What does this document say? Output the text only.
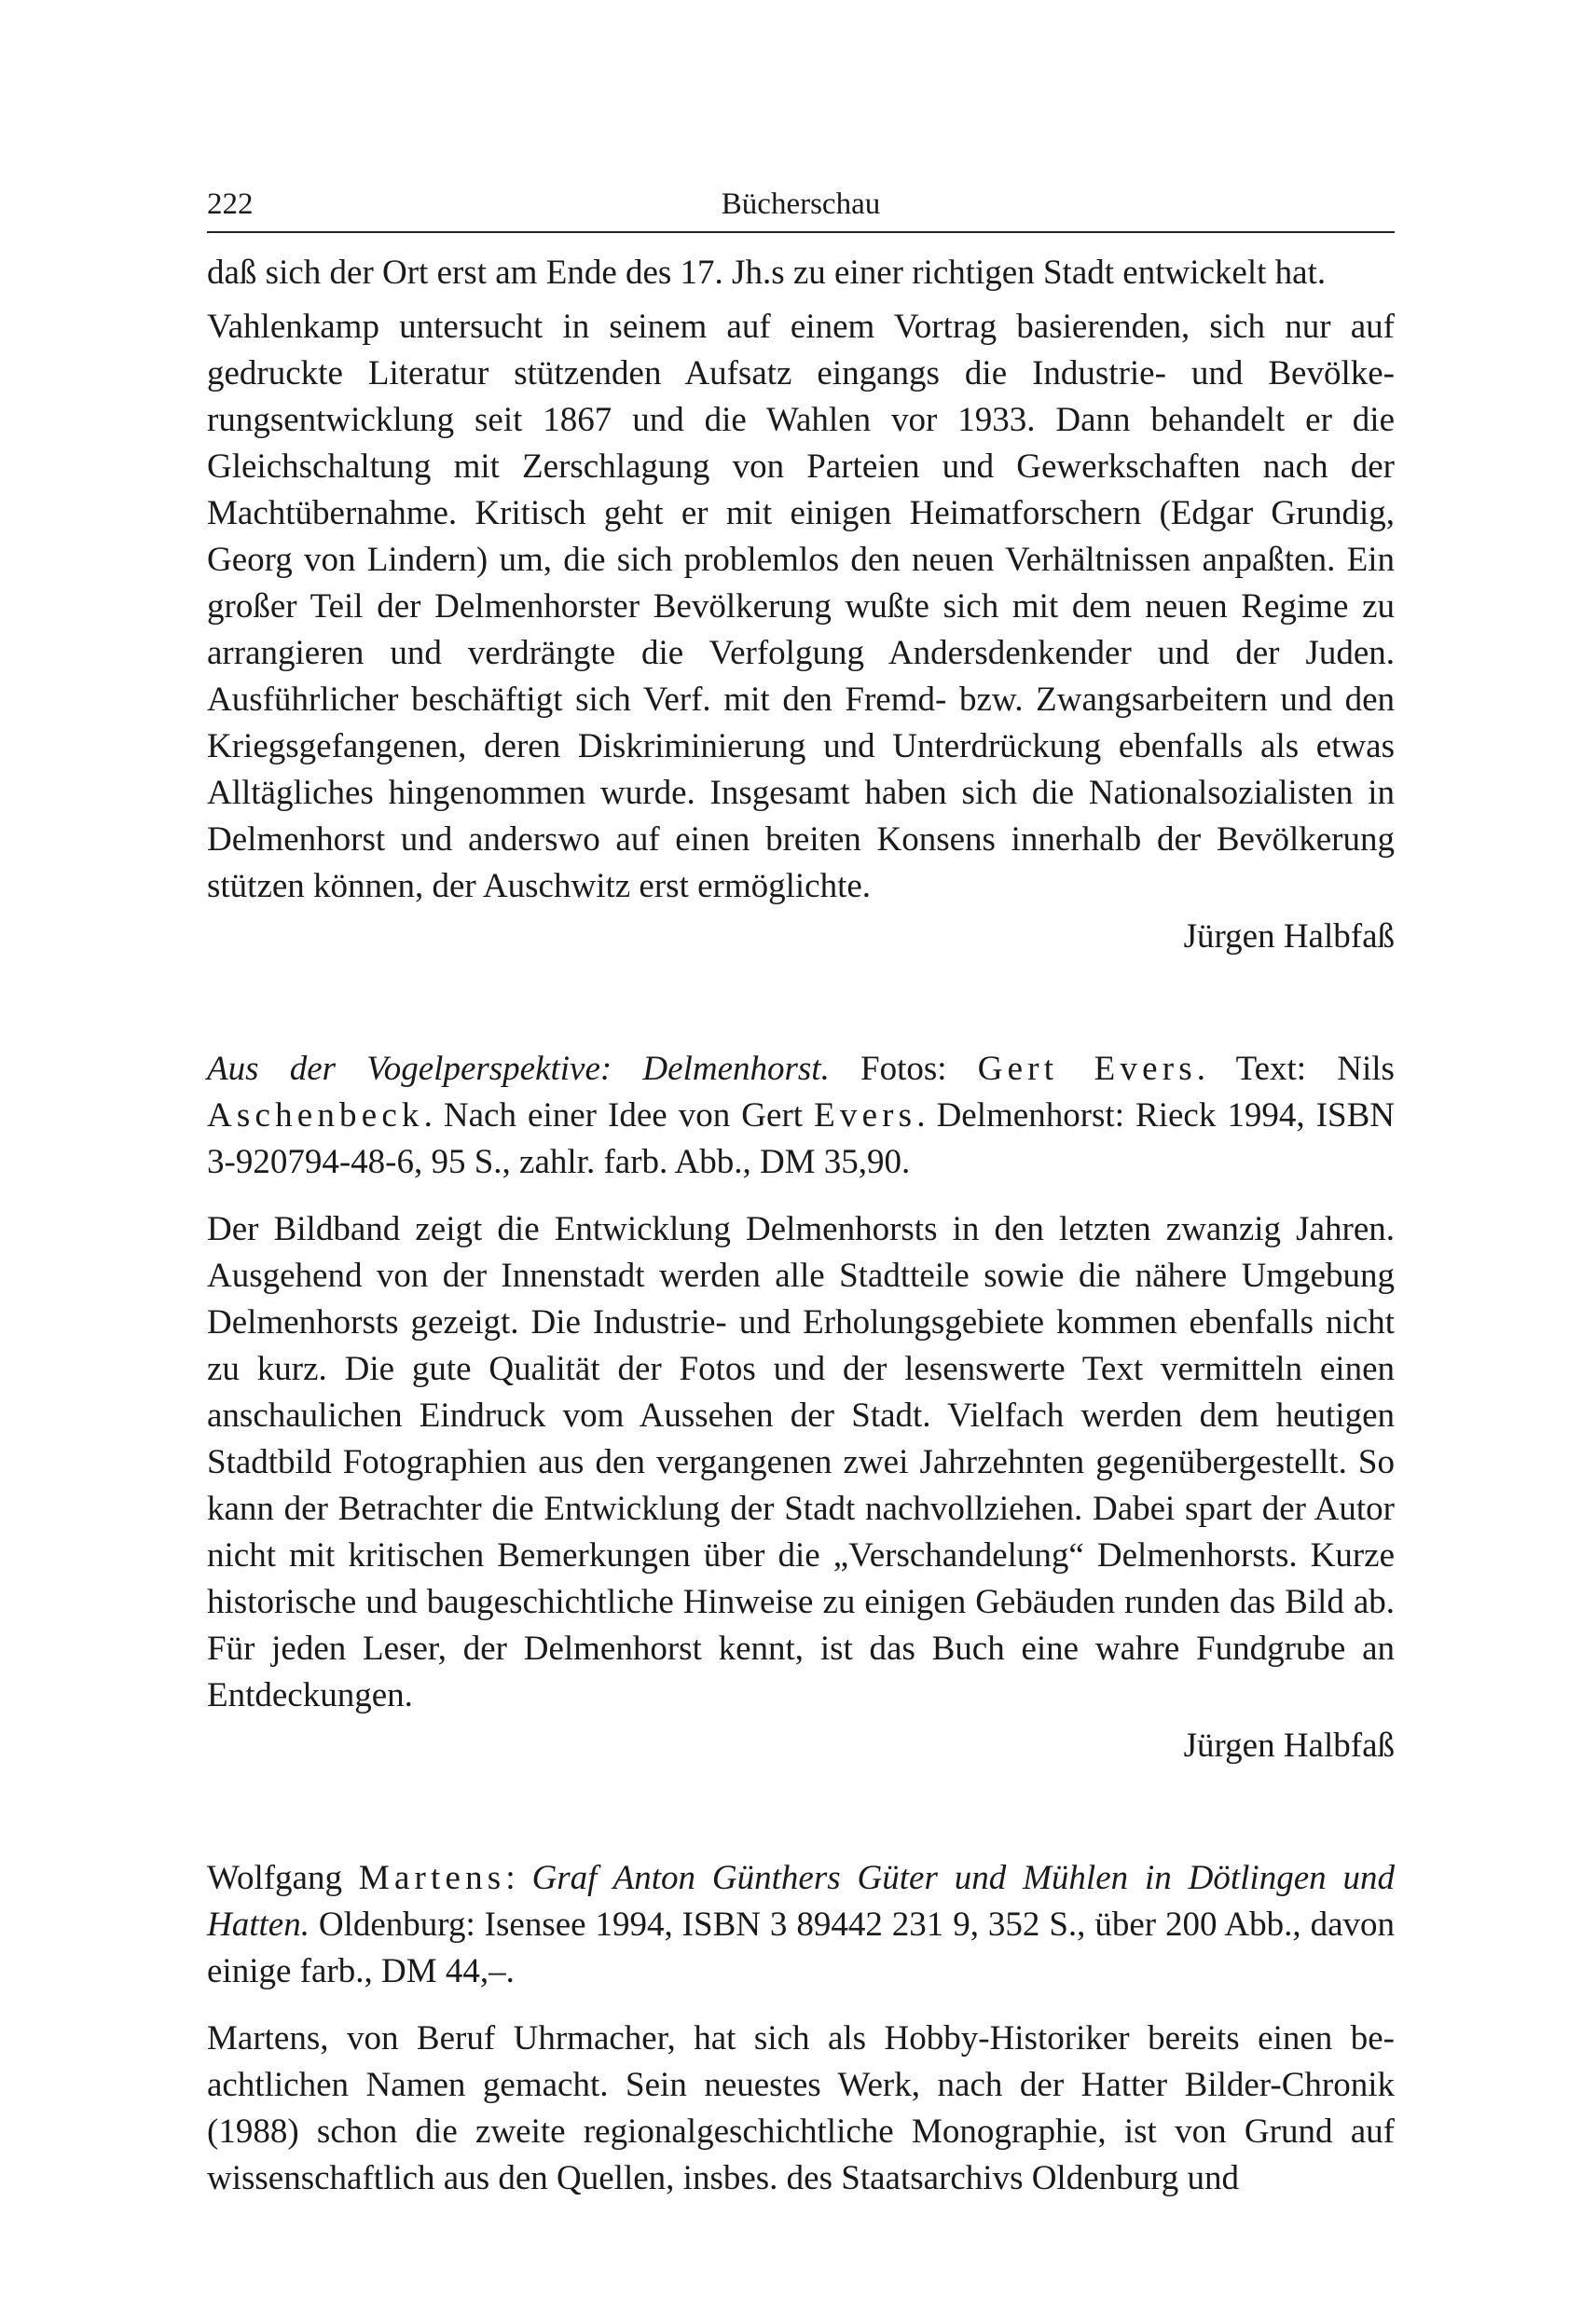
222	Bücherschau

daß sich der Ort erst am Ende des 17. Jh.s zu einer richtigen Stadt entwickelt hat.

Vahlenkamp untersucht in seinem auf einem Vortrag basierenden, sich nur auf gedruckte Literatur stützenden Aufsatz eingangs die Industrie- und Bevölkerungsentwicklung seit 1867 und die Wahlen vor 1933. Dann behandelt er die Gleichschaltung mit Zerschlagung von Parteien und Gewerkschaften nach der Machtübernahme. Kritisch geht er mit einigen Heimatforschern (Edgar Grundig, Georg von Lindern) um, die sich problemlos den neuen Verhältnissen anpaßten. Ein großer Teil der Delmenhorster Bevölkerung wußte sich mit dem neuen Regime zu arrangieren und verdrängte die Verfolgung Andersdenkender und der Juden. Ausführlicher beschäftigt sich Verf. mit den Fremd- bzw. Zwangsarbeitern und den Kriegsgefangenen, deren Diskriminierung und Unterdrückung ebenfalls als etwas Alltägliches hingenommen wurde. Insgesamt haben sich die Nationalsozialisten in Delmenhorst und anderswo auf einen breiten Konsens innerhalb der Bevölkerung stützen können, der Auschwitz erst ermöglichte.

Jürgen Halbfaß

Aus der Vogelperspektive: Delmenhorst. Fotos: Gert Evers. Text: Nils Aschenbeck. Nach einer Idee von Gert Evers. Delmenhorst: Rieck 1994, ISBN 3-920794-48-6, 95 S., zahlr. farb. Abb., DM 35,90.

Der Bildband zeigt die Entwicklung Delmenhorsts in den letzten zwanzig Jahren. Ausgehend von der Innenstadt werden alle Stadtteile sowie die nähere Umgebung Delmenhorsts gezeigt. Die Industrie- und Erholungsgebiete kommen ebenfalls nicht zu kurz. Die gute Qualität der Fotos und der lesenswerte Text vermitteln einen anschaulichen Eindruck vom Aussehen der Stadt. Vielfach werden dem heutigen Stadtbild Fotographien aus den vergangenen zwei Jahrzehnten gegenübergestellt. So kann der Betrachter die Entwicklung der Stadt nachvollziehen. Dabei spart der Autor nicht mit kritischen Bemerkungen über die „Verschandelung“ Delmenhorsts. Kurze historische und baugeschichtliche Hinweise zu einigen Gebäuden runden das Bild ab. Für jeden Leser, der Delmenhorst kennt, ist das Buch eine wahre Fundgrube an Entdeckungen.

Jürgen Halbfaß

Wolfgang Martens: Graf Anton Günthers Güter und Mühlen in Dötlingen und Hatten. Oldenburg: Isensee 1994, ISBN 3 89442 231 9, 352 S., über 200 Abb., davon einige farb., DM 44,–.

Martens, von Beruf Uhrmacher, hat sich als Hobby-Historiker bereits einen beachtlichen Namen gemacht. Sein neuestes Werk, nach der Hatter Bilder-Chronik (1988) schon die zweite regionalgeschichtliche Monographie, ist von Grund auf wissenschaftlich aus den Quellen, insbes. des Staatsarchivs Oldenburg und
